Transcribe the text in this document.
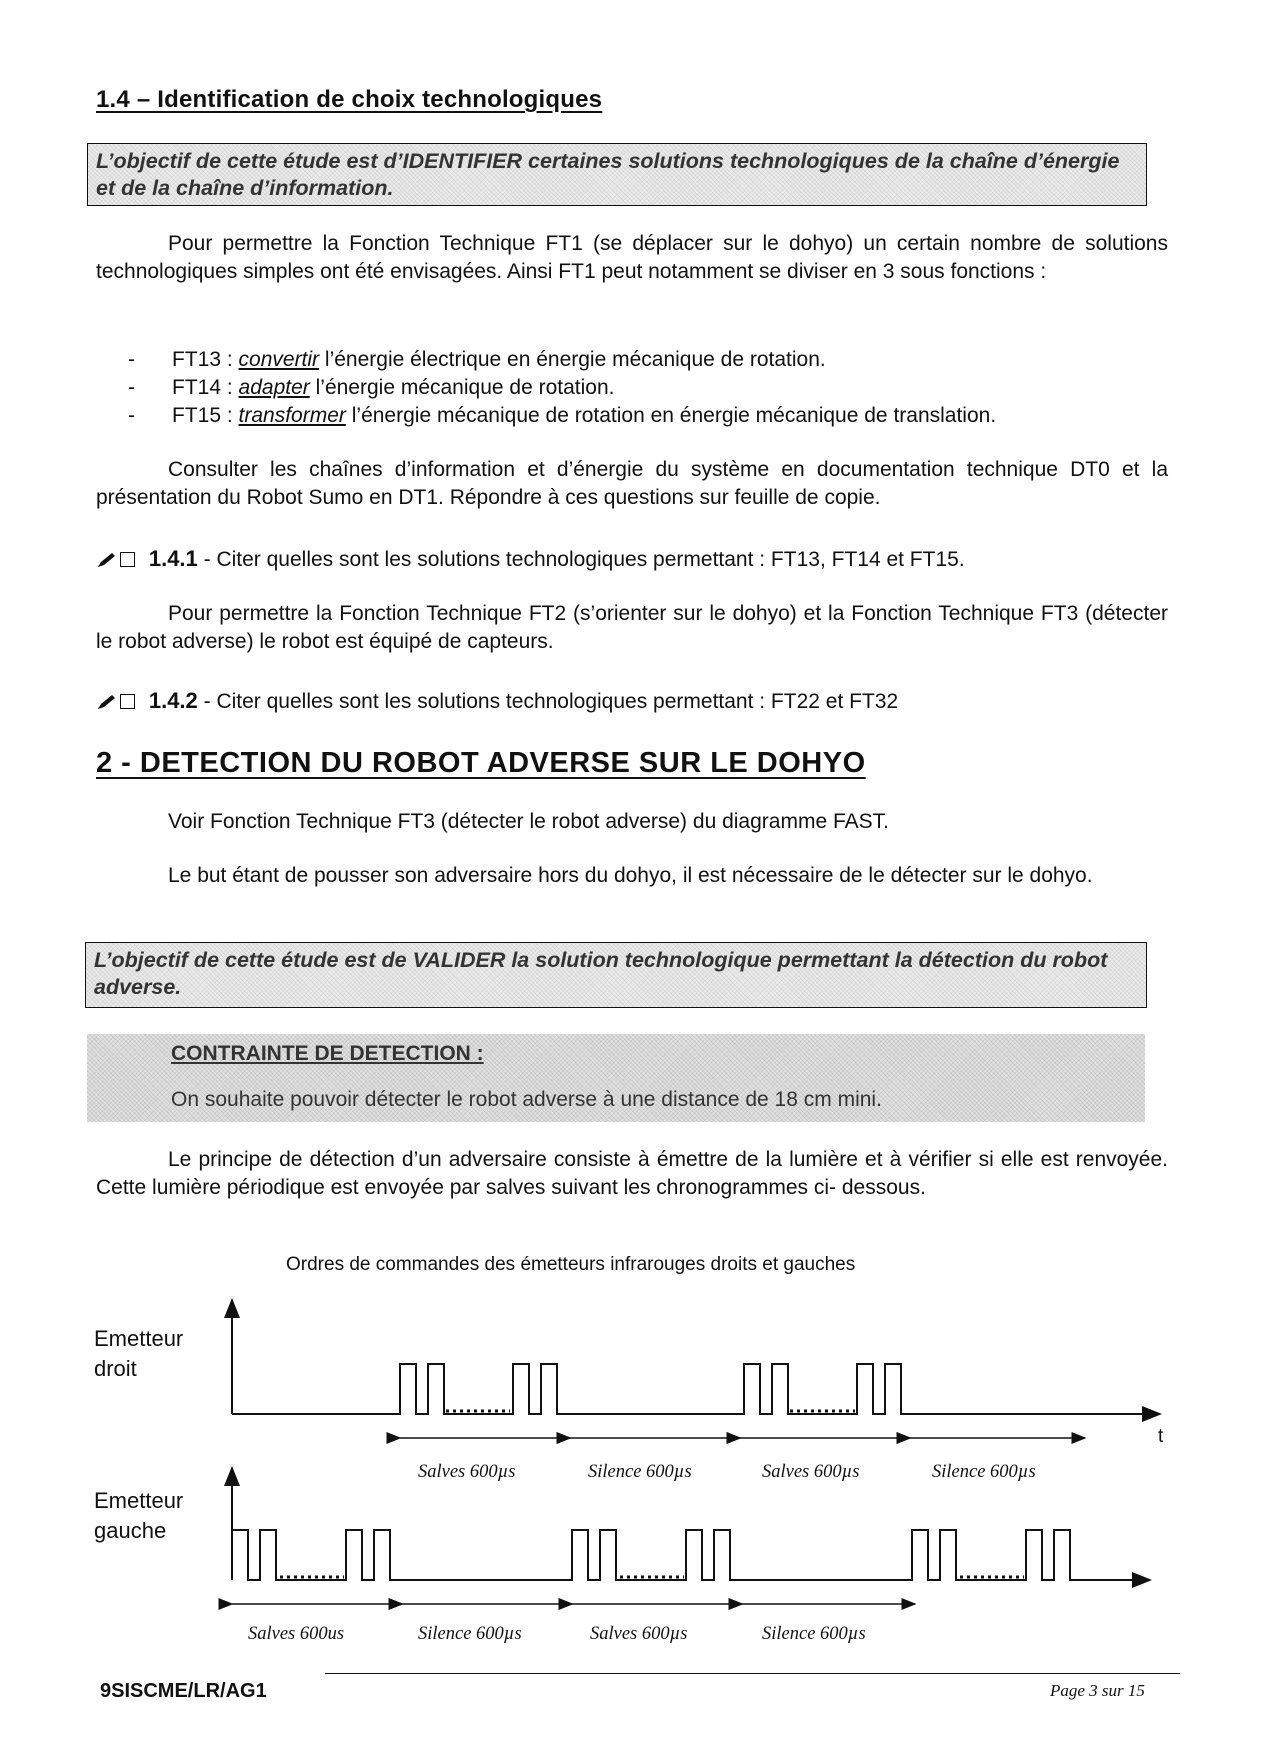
1.4 – Identification de choix technologiques
L’objectif de cette étude est d’IDENTIFIER certaines solutions technologiques de la chaîne d’énergie et de la chaîne d’information.
Pour permettre la Fonction Technique FT1 (se déplacer sur le dohyo) un certain nombre de solutions technologiques simples ont été envisagées. Ainsi FT1 peut notamment se diviser en 3 sous fonctions :
- FT13 : convertir l’énergie électrique en énergie mécanique de rotation.
- FT14 : adapter l’énergie mécanique de rotation.
- FT15 : transformer l’énergie mécanique de rotation en énergie mécanique de translation.
Consulter les chaînes d’information et d’énergie du système en documentation technique DT0 et la présentation du Robot Sumo en DT1. Répondre à ces questions sur feuille de copie.
1.4.1 - Citer quelles sont les solutions technologiques permettant : FT13, FT14 et FT15.
Pour permettre la Fonction Technique FT2 (s’orienter sur le dohyo) et la Fonction Technique FT3 (détecter le robot adverse) le robot est équipé de capteurs.
1.4.2 - Citer quelles sont les solutions technologiques permettant : FT22 et FT32
2 - DETECTION DU ROBOT ADVERSE SUR LE DOHYO
Voir Fonction Technique FT3 (détecter le robot adverse) du diagramme FAST.
Le but étant de pousser son adversaire hors du dohyo, il est nécessaire de le détecter sur le dohyo.
L’objectif de cette étude est de VALIDER la solution technologique permettant la détection du robot adverse.
CONTRAINTE DE DETECTION :
On souhaite pouvoir détecter le robot adverse à une distance de 18 cm mini.
Le principe de détection d’un adversaire consiste à émettre de la lumière et à vérifier si elle est renvoyée. Cette lumière périodique est envoyée par salves suivant les chronogrammes ci- dessous.
Ordres de commandes des émetteurs infrarouges droits et gauches
Emetteur
droit
Emetteur
gauche
t
Salves 600µs	Silence 600µs	Salves 600µs	Silence 600µs
Salves 600us	Silence 600µs	Salves 600µs	Silence 600µs
9SISCME/LR/AG1	Page 3 sur 15
